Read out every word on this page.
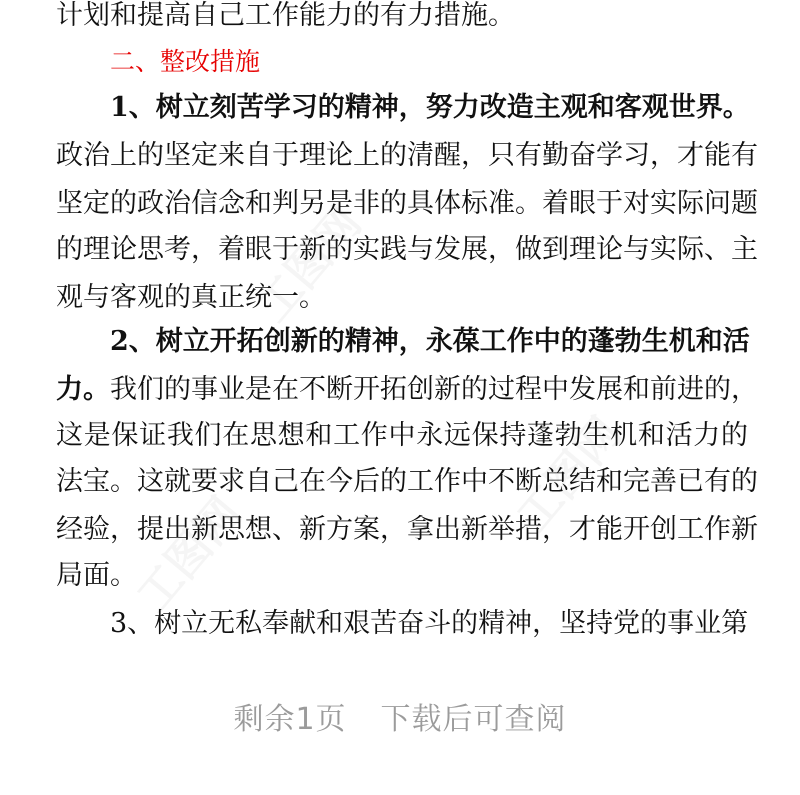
工图网
工图网
工图网
计划和提高自己工作能力的有力措施。
二、整改措施
1、树立刻苦学习的精神，努力改造主观和客观世界。
政治上的坚定来自于理论上的清醒，只有勤奋学习，才能有
坚定的政治信念和判另是非的具体标准。着眼于对实际问题
的理论思考，着眼于新的实践与发展，做到理论与实际、主
观与客观的真正统一。
2、树立开拓创新的精神，永葆工作中的蓬勃生机和活
力。我们的事业是在不断开拓创新的过程中发展和前进的，
这是保证我们在思想和工作中永远保持蓬勃生机和活力的
法宝。这就要求自己在今后的工作中不断总结和完善已有的
经验，提出新思想、新方案，拿出新举措，才能开创工作新
局面。
3、树立无私奉献和艰苦奋斗的精神，坚持党的事业第
剩余1页 下载后可查阅
